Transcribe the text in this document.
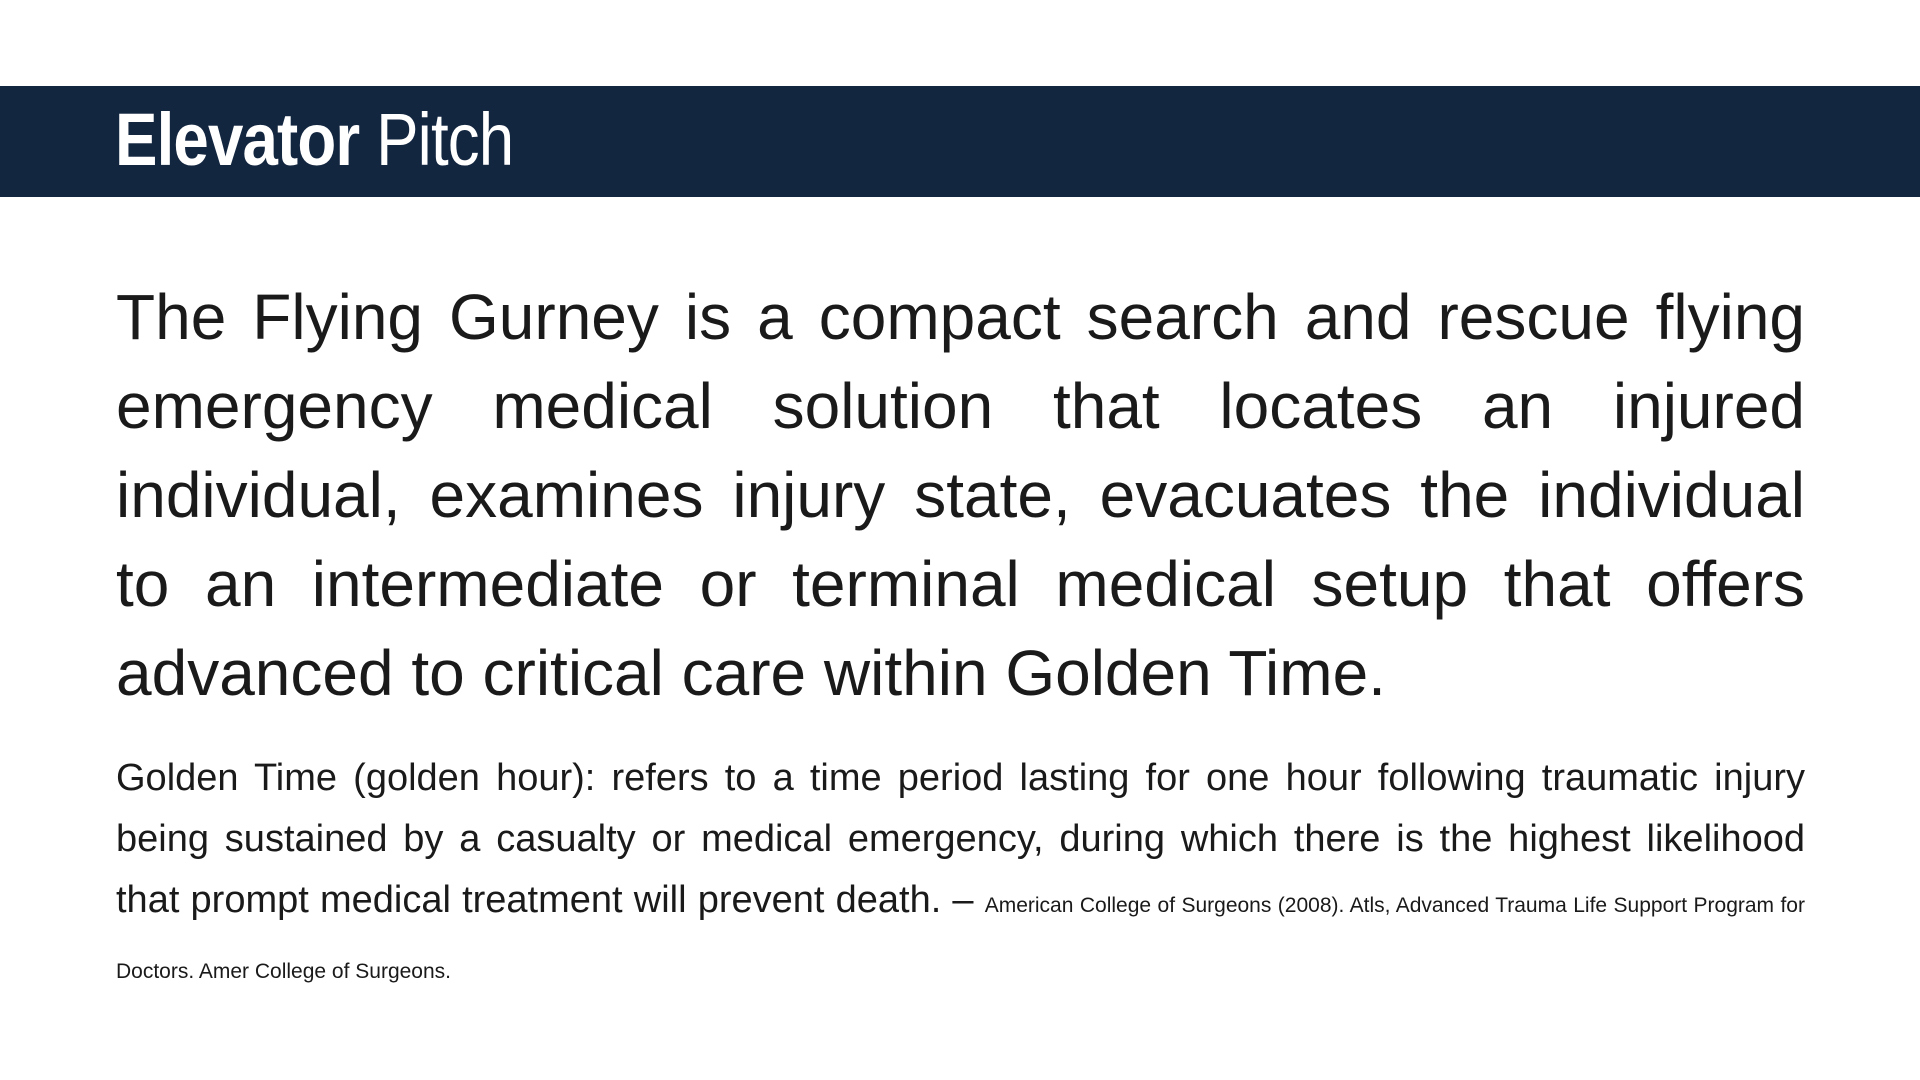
Elevator Pitch

The Flying Gurney is a compact search and rescue flying emergency medical solution that locates an injured individual, examines injury state, evacuates the individual to an intermediate or terminal medical setup that offers advanced to critical care within Golden Time.

Golden Time (golden hour): refers to a time period lasting for one hour following traumatic injury being sustained by a casualty or medical emergency, during which there is the highest likelihood that prompt medical treatment will prevent death. – American College of Surgeons (2008). Atls, Advanced Trauma Life Support Program for Doctors. Amer College of Surgeons.
